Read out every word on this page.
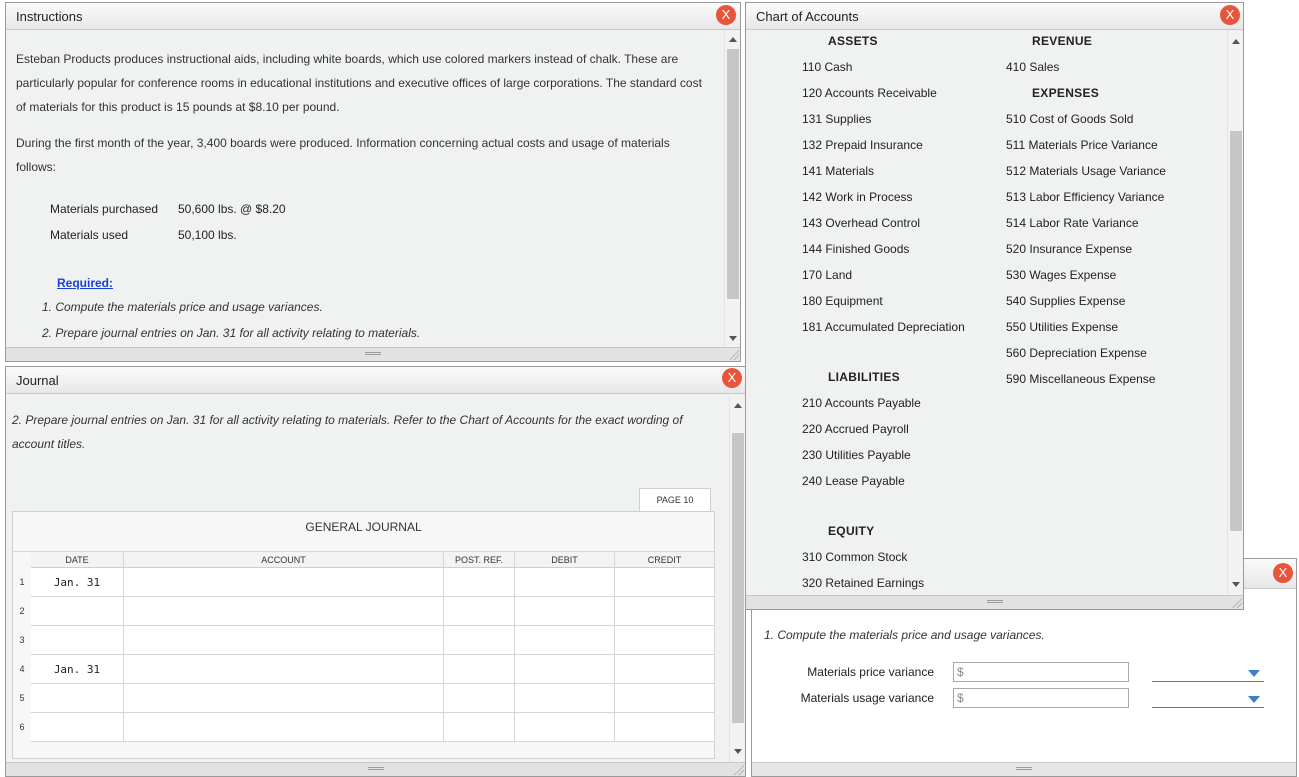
Instructions	X
Esteban Products produces instructional aids, including white boards, which use colored markers instead of chalk. These are
particularly popular for conference rooms in educational institutions and executive offices of large corporations. The standard cost
of materials for this product is 15 pounds at $8.10 per pound.
During the first month of the year, 3,400 boards were produced. Information concerning actual costs and usage of materials
follows:
Materials purchased 50,600 lbs. @ $8.20
Materials used	50,100 lbs.
Required:
1. Compute the materials price and usage variances.
2. Prepare journal entries on Jan. 31 for all activity relating to materials.
Journal	X
2. Prepare journal entries on Jan. 31 for all activity relating to materials. Refer to the Chart of Accounts for the exact wording of
account titles.
PAGE 10
GENERAL JOURNAL
DATE	ACCOUNT	POST. REF.	DEBIT	CREDIT
1	Jan. 31
2
3
4	Jan. 31
5
6
X
1. Compute the materials price and usage variances.
Materials price variance	$
Materials usage variance	$
Chart of Accounts	X
ASSETS
110 Cash
120 Accounts Receivable
131 Supplies
132 Prepaid Insurance
141 Materials
142 Work in Process
143 Overhead Control
144 Finished Goods
170 Land
180 Equipment
181 Accumulated Depreciation
LIABILITIES
210 Accounts Payable
220 Accrued Payroll
230 Utilities Payable
240 Lease Payable
EQUITY
310 Common Stock
320 Retained Earnings
REVENUE
410 Sales
EXPENSES
510 Cost of Goods Sold
511 Materials Price Variance
512 Materials Usage Variance
513 Labor Efficiency Variance
514 Labor Rate Variance
520 Insurance Expense
530 Wages Expense
540 Supplies Expense
550 Utilities Expense
560 Depreciation Expense
590 Miscellaneous Expense
